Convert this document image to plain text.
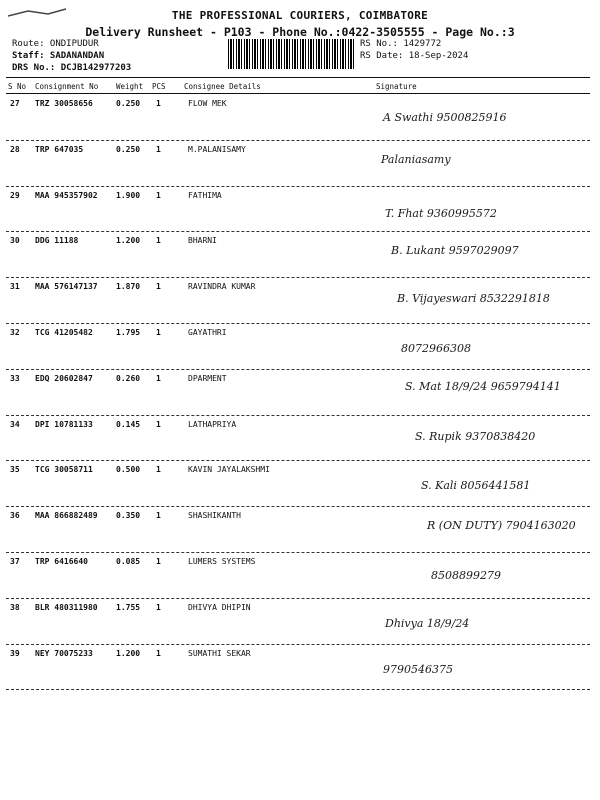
THE PROFESSIONAL COURIERS, COIMBATORE
Delivery Runsheet - P103 - Phone No.:0422-3505555 - Page No.:3
Route: ONDIPUDUR
Staff: SADANANDAN
DRS No.: DCJB142977203
RS No.: 1429772
RS Date: 18-Sep-2024
S No Consignment No Weight PCS Consignee Details	Signature
27 TRZ 30058656	0.250 1	FLOW MEK
A Swathi 9500825916
28 TRP 647035	0.250 1	M.PALANISAMY
Palaniasamy
29 MAA 945357902 1.900 1	FATHIMA
T. Fhat 9360995572
30 DDG 11188	1.200 1	BHARNI
B. Lukant 9597029097
31 MAA 576147137 1.870 1	RAVINDRA KUMAR
B. Vijayeswari 8532291818
32 TCG 41205482	1.795 1	GAYATHRI
8072966308
33 EDQ 20602847	0.260 1	DPARMENT
S. Mat 18/9/24 9659794141
34 DPI 10781133	0.145 1	LATHAPRIYA
S. Rupik 9370838420
35 TCG 30058711	0.500 1	KAVIN JAYALAKSHMI
S. Kali 8056441581
36 MAA 866882489 0.350 1	SHASHIKANTH
R (ON DUTY) 7904163020
37 TRP 6416640	0.085 1	LUMERS SYSTEMS
8508899279
38 BLR 480311980 1.755 1	DHIVYA DHIPIN
Dhivya 18/9/24
39 NEY 70075233	1.200 1	SUMATHI SEKAR
9790546375
